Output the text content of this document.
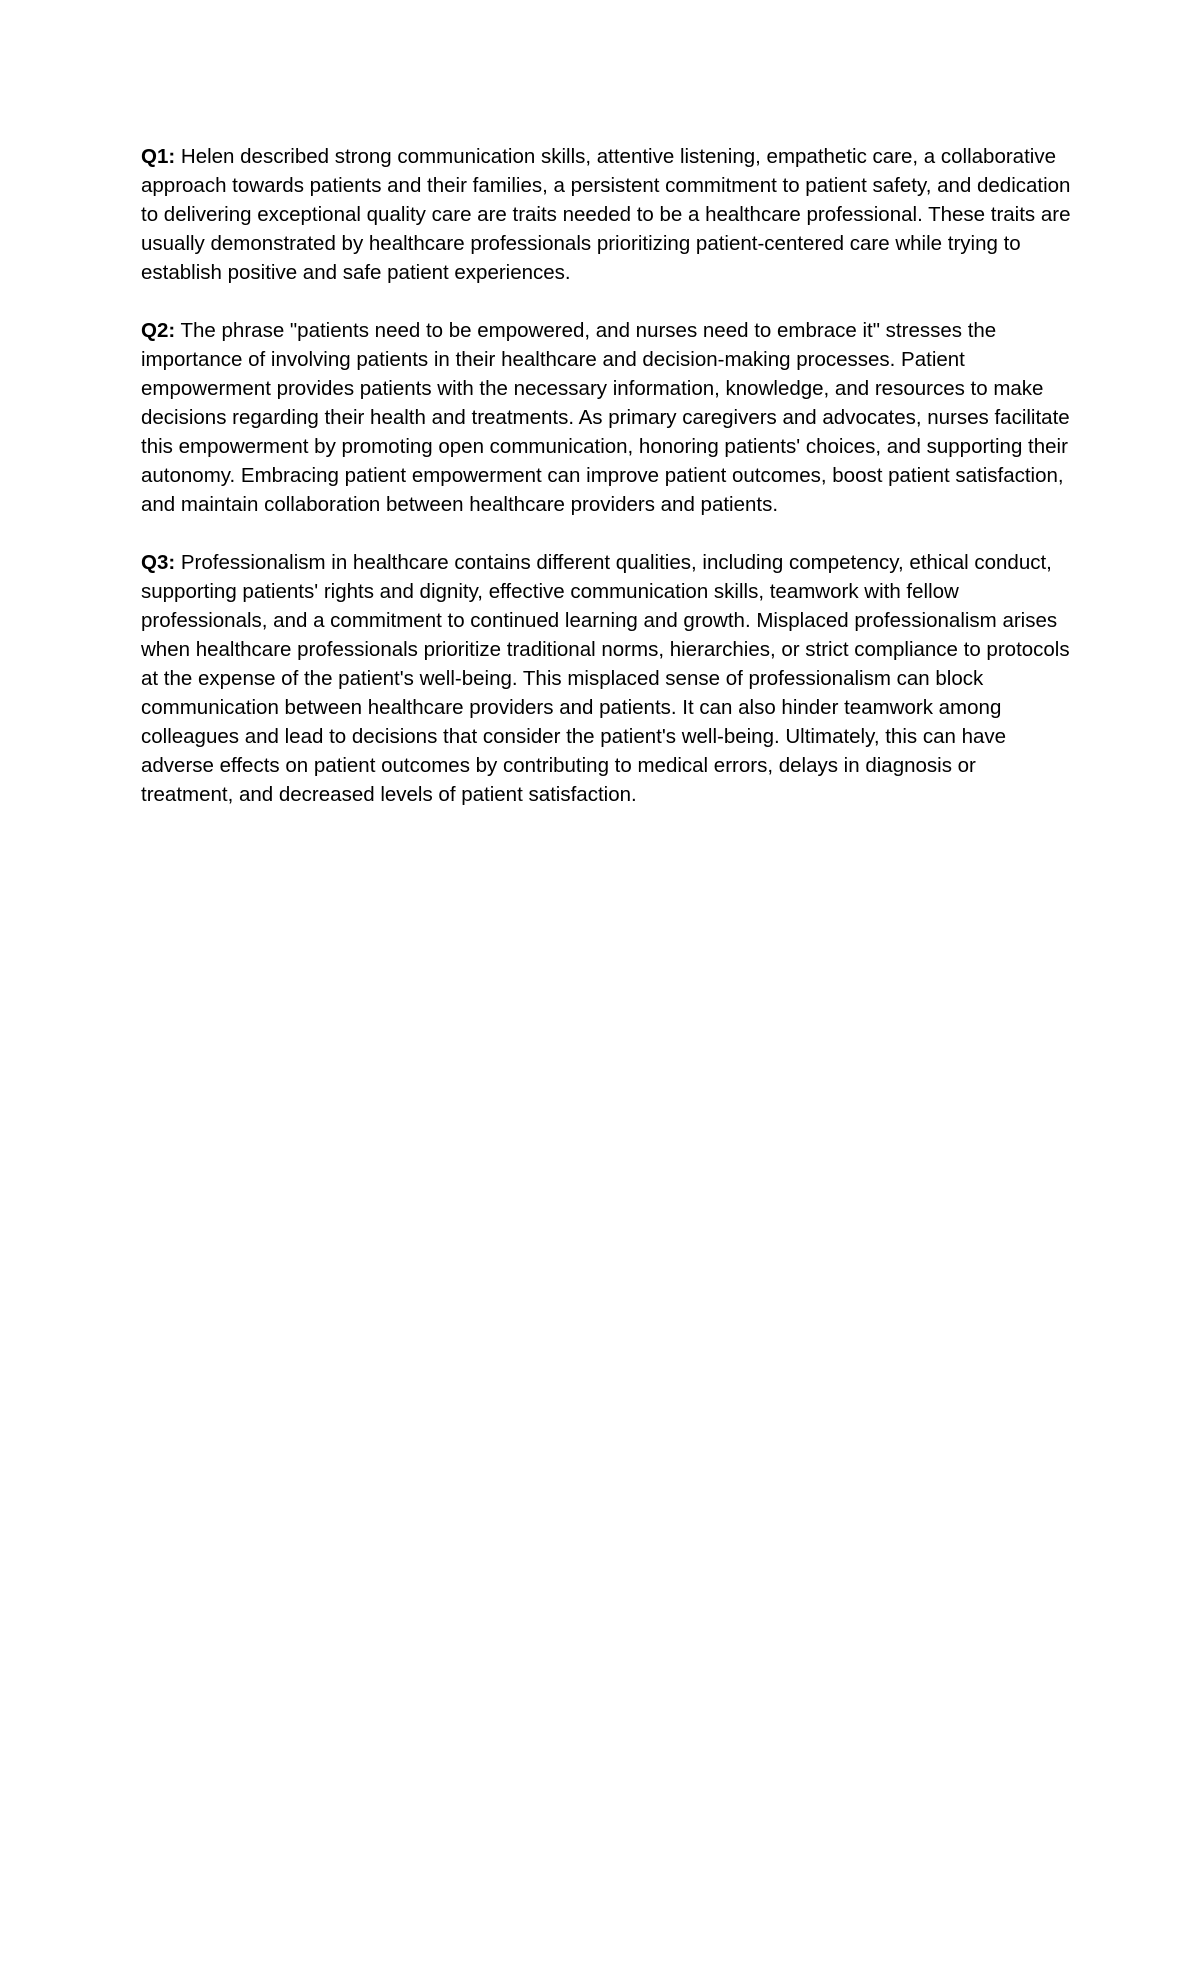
Q1: Helen described strong communication skills, attentive listening, empathetic care, a collaborative approach towards patients and their families, a persistent commitment to patient safety, and dedication to delivering exceptional quality care are traits needed to be a healthcare professional. These traits are usually demonstrated by healthcare professionals prioritizing patient-centered care while trying to establish positive and safe patient experiences.

Q2: The phrase "patients need to be empowered, and nurses need to embrace it" stresses the importance of involving patients in their healthcare and decision-making processes. Patient empowerment provides patients with the necessary information, knowledge, and resources to make decisions regarding their health and treatments. As primary caregivers and advocates, nurses facilitate this empowerment by promoting open communication, honoring patients' choices, and supporting their autonomy. Embracing patient empowerment can improve patient outcomes, boost patient satisfaction, and maintain collaboration between healthcare providers and patients.

Q3: Professionalism in healthcare contains different qualities, including competency, ethical conduct, supporting patients' rights and dignity, effective communication skills, teamwork with fellow professionals, and a commitment to continued learning and growth. Misplaced professionalism arises when healthcare professionals prioritize traditional norms, hierarchies, or strict compliance to protocols at the expense of the patient's well-being. This misplaced sense of professionalism can block communication between healthcare providers and patients. It can also hinder teamwork among colleagues and lead to decisions that consider the patient's well-being. Ultimately, this can have adverse effects on patient outcomes by contributing to medical errors, delays in diagnosis or treatment, and decreased levels of patient satisfaction.
